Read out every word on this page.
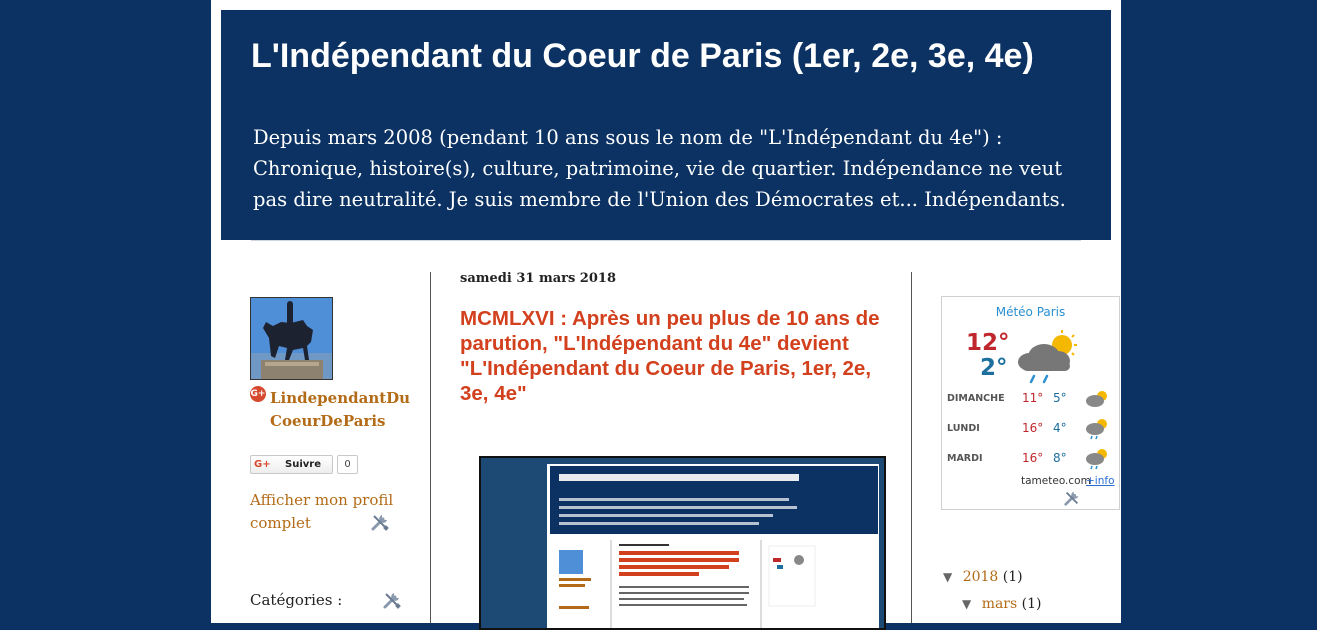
L'Indépendant du Coeur de Paris (1er, 2e, 3e, 4e)
Depuis mars 2008 (pendant 10 ans sous le nom de "L'Indépendant du 4e") : Chronique, histoire(s), culture, patrimoine, vie de quartier. Indépendance ne veut pas dire neutralité. Je suis membre de l'Union des Démocrates et... Indépendants.
G+ LindependantDuCoeurDeParis
G+ Suivre	0
Afficher mon profil complet
Catégories :
samedi 31 mars 2018
MCMLXVI : Après un peu plus de 10 ans de parution, "L'Indépendant du 4e" devient "L'Indépendant du Coeur de Paris, 1er, 2e, 3e, 4e"
Météo Paris
12°
2°
DIMANCHE 11° 5°
LUNDI	16° 4°
MARDI	16° 8°
tameteo.com
+info
▼ 2018 (1)
▼ mars (1)
